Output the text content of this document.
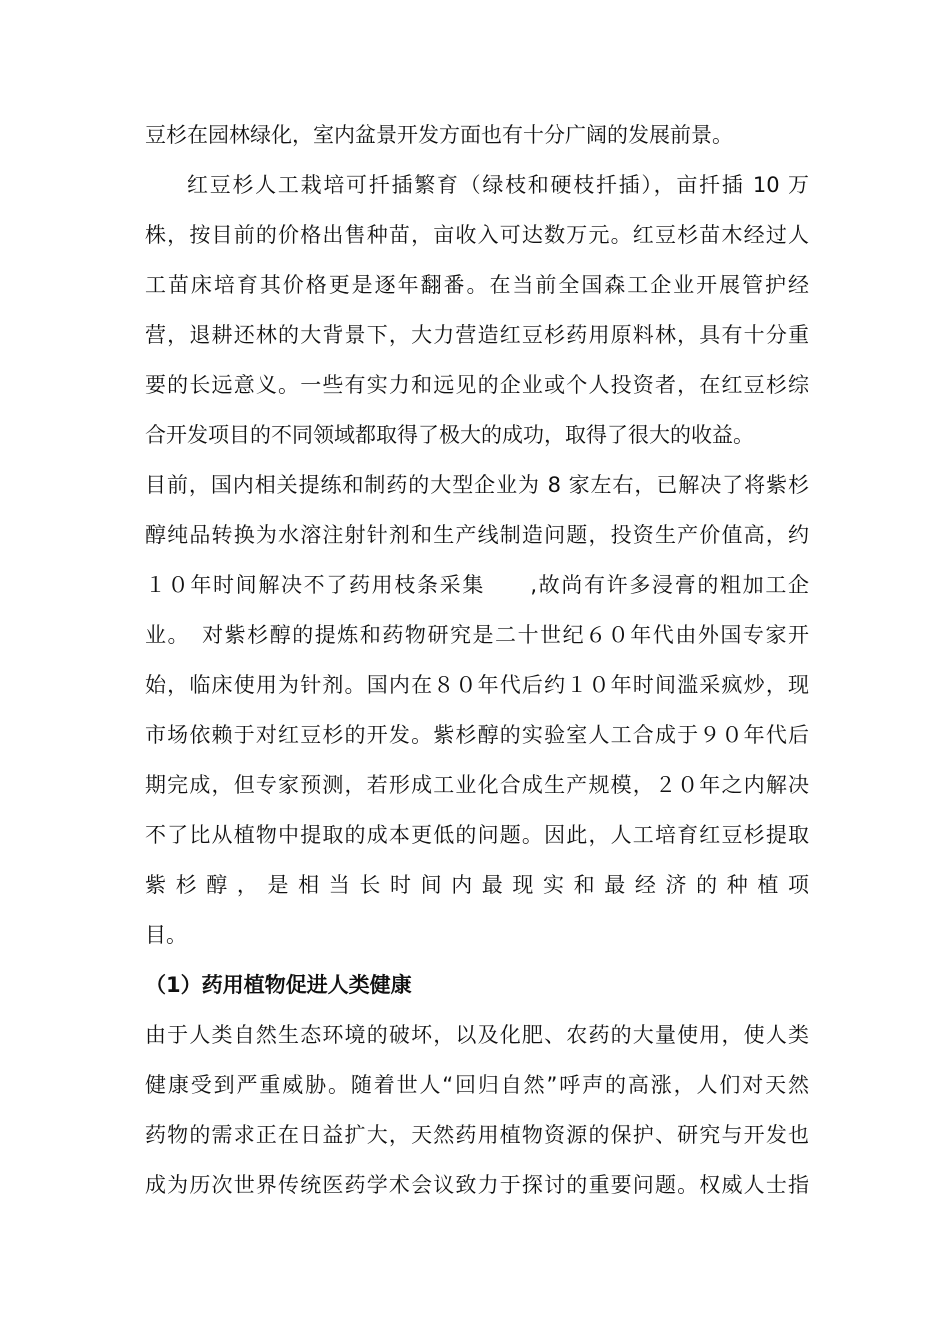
豆杉在园林绿化，室内盆景开发方面也有十分广阔的发展前景。
红豆杉人工栽培可扦插繁育（绿枝和硬枝扦插），亩扦插 10 万
株，按目前的价格出售种苗，亩收入可达数万元。红豆杉苗木经过人
工苗床培育其价格更是逐年翻番。在当前全国森工企业开展管护经
营，退耕还林的大背景下，大力营造红豆杉药用原料林，具有十分重
要的长远意义。一些有实力和远见的企业或个人投资者，在红豆杉综
合开发项目的不同领域都取得了极大的成功，取得了很大的收益。
目前，国内相关提练和制药的大型企业为 8 家左右，已解决了将紫杉
醇纯品转换为水溶注射针剂和生产线制造问题，投资生产价值高，约
１０年时间解决不了药用枝条采集　　,故尚有许多浸膏的粗加工企
业。　对紫杉醇的提炼和药物研究是二十世纪６０年代由外国专家开
始，临床使用为针剂。国内在８０年代后约１０年时间滥采疯炒，现
市场依赖于对红豆杉的开发。紫杉醇的实验室人工合成于９０年代后
期完成，但专家预测，若形成工业化合成生产规模，２０年之内解决
不了比从植物中提取的成本更低的问题。因此，人工培育红豆杉提取
紫杉醇，是相当长时间内最现实和最经济的种植项
目。
（1）药用植物促进人类健康
由于人类自然生态环境的破坏，以及化肥、农药的大量使用，使人类
健康受到严重威胁。随着世人“回归自然”呼声的高涨，人们对天然
药物的需求正在日益扩大，天然药用植物资源的保护、研究与开发也
成为历次世界传统医药学术会议致力于探讨的重要问题。权威人士指
